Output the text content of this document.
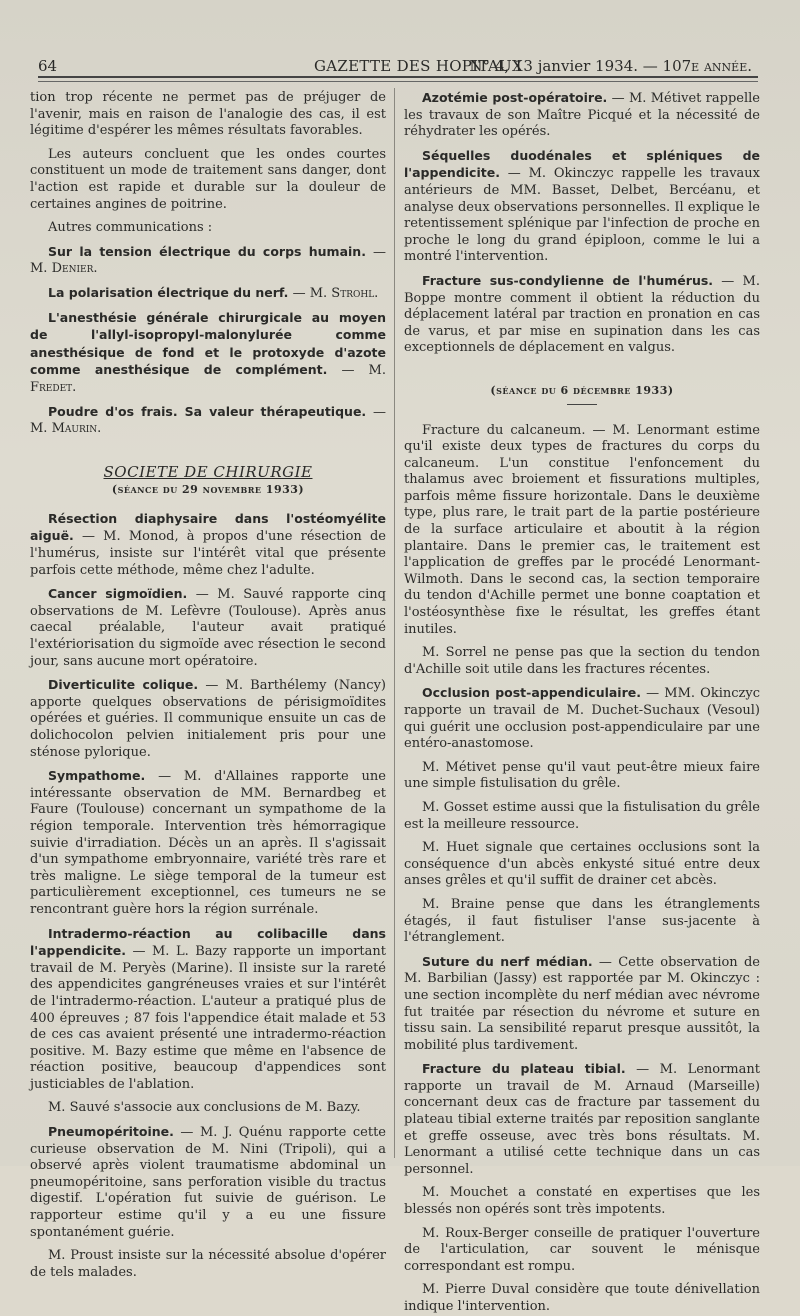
64	GAZETTE DES HOPITAUX
N° 4, 13 janvier 1934. — 107e année.

tion trop récente ne permet pas de préjuger de l'avenir, mais en raison de l'analogie des cas, il est légitime d'espérer les mêmes résultats favorables.

Les auteurs concluent que les ondes courtes constituent un mode de traitement sans danger, dont l'action est rapide et durable sur la douleur de certaines angines de poitrine.

Autres communications :

Sur la tension électrique du corps humain. — M. Denier.

La polarisation électrique du nerf. — M. Strohl.

L'anesthésie générale chirurgicale au moyen de l'allyl-isopropyl-malonylurée comme anesthésique de fond et le protoxyde d'azote comme anesthésique de complément. — M. Fredet.

Poudre d'os frais. Sa valeur thérapeutique. — M. Maurin.

SOCIETE DE CHIRURGIE
(séance du 29 novembre 1933)

Résection diaphysaire dans l'ostéomyélite aiguë. — M. Monod, à propos d'une résection de l'humérus, insiste sur l'intérêt vital que présente parfois cette méthode, même chez l'adulte.

Cancer sigmoïdien. — M. Sauvé rapporte cinq observations de M. Lefèvre (Toulouse). Après anus caecal préalable, l'auteur avait pratiqué l'extériorisation du sigmoïde avec résection le second jour, sans aucune mort opératoire.

Diverticulite colique. — M. Barthélemy (Nancy) apporte quelques observations de périsigmoïdites opérées et guéries. Il communique ensuite un cas de dolichocolon pelvien initialement pris pour une sténose pylorique.

Sympathome. — M. d'Allaines rapporte une intéressante observation de MM. Bernardbeg et Faure (Toulouse) concernant un sympathome de la région temporale. Intervention très hémorragique suivie d'irradiation. Décès un an après. Il s'agissait d'un sympathome embryonnaire, variété très rare et très maligne. Le siège temporal de la tumeur est particulièrement exceptionnel, ces tumeurs ne se rencontrant guère hors la région surrénale.

Intradermo-réaction au colibacille dans l'appendicite. — M. L. Bazy rapporte un important travail de M. Peryès (Marine). Il insiste sur la rareté des appendicites gangréneuses vraies et sur l'intérêt de l'intradermo-réaction. L'auteur a pratiqué plus de 400 épreuves ; 87 fois l'appendice était malade et 53 de ces cas avaient présenté une intradermo-réaction positive. M. Bazy estime que même en l'absence de réaction positive, beaucoup d'appendices sont justiciables de l'ablation.

M. Sauvé s'associe aux conclusions de M. Bazy.

Pneumopéritoine. — M. J. Quénu rapporte cette curieuse observation de M. Nini (Tripoli), qui a observé après violent traumatisme abdominal un pneumopéritoine, sans perforation visible du tractus digestif. L'opération fut suivie de guérison. Le rapporteur estime qu'il y a eu une fissure spontanément guérie.

M. Proust insiste sur la nécessité absolue d'opérer de tels malades.

Azotémie post-opératoire. — M. Métivet rappelle les travaux de son Maître Picqué et la nécessité de réhydrater les opérés.

Séquelles duodénales et spléniques de l'appendicite. — M. Okinczyc rappelle les travaux antérieurs de MM. Basset, Delbet, Bercéanu, et analyse deux observations personnelles. Il explique le retentissement splénique par l'infection de proche en proche le long du grand épiploon, comme le lui a montré l'intervention.

Fracture sus-condylienne de l'humérus. — M. Boppe montre comment il obtient la réduction du déplacement latéral par traction en pronation en cas de varus, et par mise en supination dans les cas exceptionnels de déplacement en valgus.

(séance du 6 décembre 1933)

Fracture du calcaneum. — M. Lenormant estime qu'il existe deux types de fractures du corps du calcaneum. L'un constitue l'enfoncement du thalamus avec broiement et fissurations multiples, parfois même fissure horizontale. Dans le deuxième type, plus rare, le trait part de la partie postérieure de la surface articulaire et aboutit à la région plantaire. Dans le premier cas, le traitement est l'application de greffes par le procédé Lenormant-Wilmoth. Dans le second cas, la section temporaire du tendon d'Achille permet une bonne coaptation et l'ostéosynthèse fixe le résultat, les greffes étant inutiles.

M. Sorrel ne pense pas que la section du tendon d'Achille soit utile dans les fractures récentes.

Occlusion post-appendiculaire. — MM. Okinczyc rapporte un travail de M. Duchet-Suchaux (Vesoul) qui guérit une occlusion post-appendiculaire par une entéro-anastomose.

M. Métivet pense qu'il vaut peut-être mieux faire une simple fistulisation du grêle.

M. Gosset estime aussi que la fistulisation du grêle est la meilleure ressource.

M. Huet signale que certaines occlusions sont la conséquence d'un abcès enkysté situé entre deux anses grêles et qu'il suffit de drainer cet abcès.

M. Braine pense que dans les étranglements étagés, il faut fistuliser l'anse sus-jacente à l'étranglement.

Suture du nerf médian. — Cette observation de M. Barbilian (Jassy) est rapportée par M. Okinczyc : une section incomplète du nerf médian avec névrome fut traitée par résection du névrome et suture en tissu sain. La sensibilité reparut presque aussitôt, la mobilité plus tardivement.

Fracture du plateau tibial. — M. Lenormant rapporte un travail de M. Arnaud (Marseille) concernant deux cas de fracture par tassement du plateau tibial externe traités par reposition sanglante et greffe osseuse, avec très bons résultats. M. Lenormant a utilisé cette technique dans un cas personnel.

M. Mouchet a constaté en expertises que les blessés non opérés sont très impotents.

M. Roux-Berger conseille de pratiquer l'ouverture de l'articulation, car souvent le ménisque correspondant est rompu.

M. Pierre Duval considère que toute dénivellation indique l'intervention.
